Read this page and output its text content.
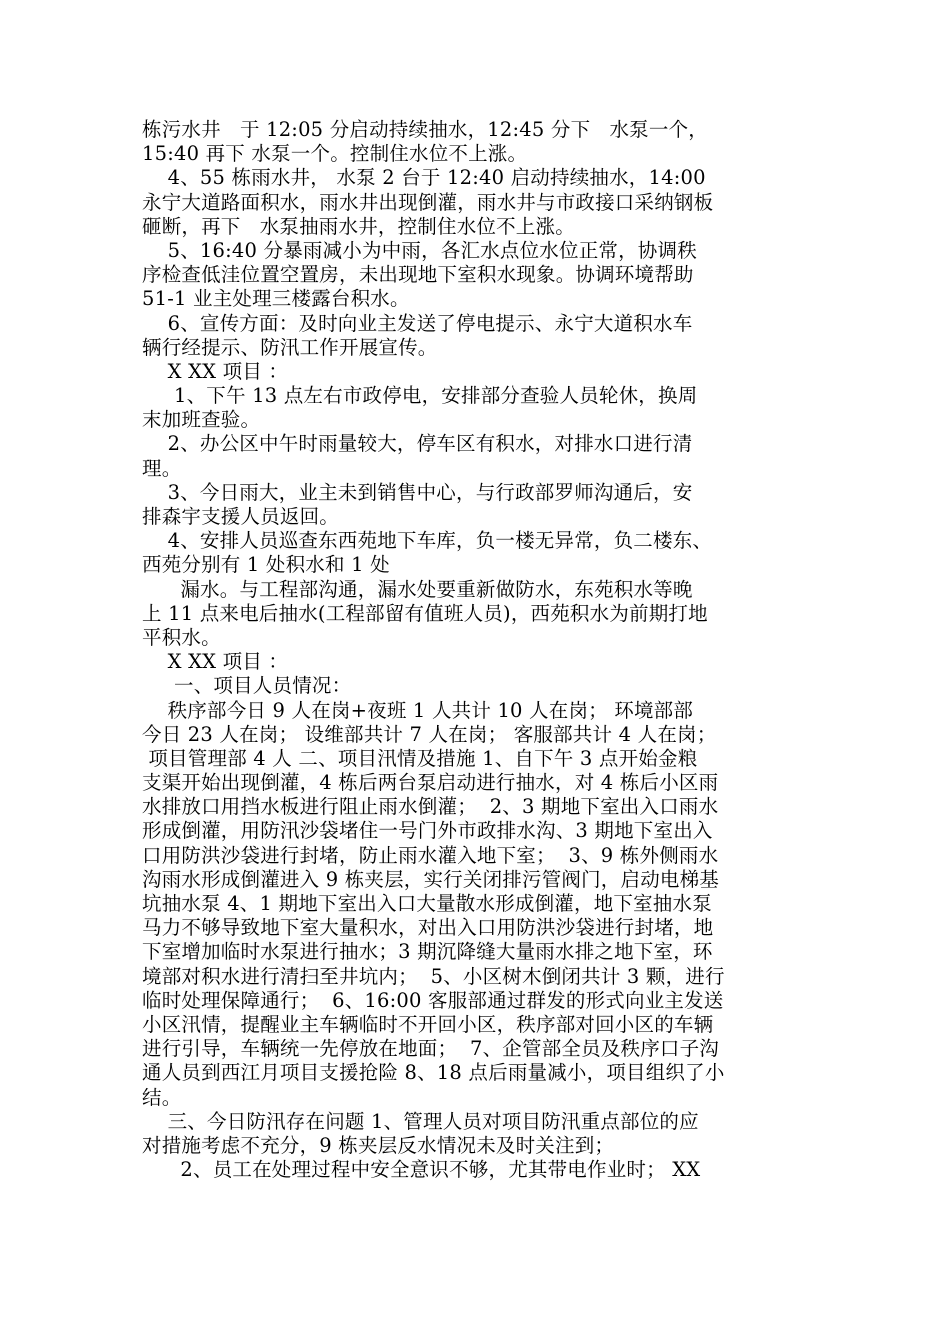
栋污水井   于 12:05 分启动持续抽水，12:45 分下   水泵一个，
15:40 再下 水泵一个。控制住水位不上涨。
4、55 栋雨水井， 水泵 2 台于 12:40 启动持续抽水，14:00
永宁大道路面积水，雨水井出现倒灌，雨水井与市政接口采纳钢板
砸断，再下   水泵抽雨水井，控制住水位不上涨。
5、16:40 分暴雨减小为中雨，各汇水点位水位正常，协调秩
序检查低洼位置空置房，未出现地下室积水现象。协调环境帮助
51-1 业主处理三楼露台积水。
6、宣传方面：及时向业主发送了停电提示、永宁大道积水车
辆行经提示、防汛工作开展宣传。
X XX 项目 ：
1、下午 13 点左右市政停电，安排部分查验人员轮休，换周
末加班查验。
2、办公区中午时雨量较大，停车区有积水，对排水口进行清
理。
3、今日雨大，业主未到销售中心，与行政部罗师沟通后，安
排森宇支援人员返回。
4、安排人员巡查东西苑地下车库，负一楼无异常，负二楼东、
西苑分别有 1 处积水和 1 处
漏水。与工程部沟通，漏水处要重新做防水，东苑积水等晚
上 11 点来电后抽水(工程部留有值班人员)，西苑积水为前期打地
平积水。
X XX 项目 ：
一、项目人员情况：
秩序部今日 9 人在岗+夜班 1 人共计 10 人在岗； 环境部部
今日 23 人在岗； 设维部共计 7 人在岗； 客服部共计 4 人在岗；
项目管理部 4 人 二、项目汛情及措施 1、自下午 3 点开始金粮
支渠开始出现倒灌，4 栋后两台泵启动进行抽水，对 4 栋后小区雨
水排放口用挡水板进行阻止雨水倒灌；  2、3 期地下室出入口雨水
形成倒灌，用防汛沙袋堵住一号门外市政排水沟、3 期地下室出入
口用防洪沙袋进行封堵，防止雨水灌入地下室；  3、9 栋外侧雨水
沟雨水形成倒灌进入 9 栋夹层，实行关闭排污管阀门，启动电梯基
坑抽水泵 4、1 期地下室出入口大量散水形成倒灌，地下室抽水泵
马力不够导致地下室大量积水，对出入口用防洪沙袋进行封堵，地
下室增加临时水泵进行抽水；3 期沉降缝大量雨水排之地下室，环
境部对积水进行清扫至井坑内；  5、小区树木倒闭共计 3 颗，进行
临时处理保障通行；  6、16:00 客服部通过群发的形式向业主发送
小区汛情，提醒业主车辆临时不开回小区，秩序部对回小区的车辆
进行引导，车辆统一先停放在地面；  7、企管部全员及秩序口子沟
通人员到西江月项目支援抢险 8、18 点后雨量减小，项目组织了小
结。
三、今日防汛存在问题 1、管理人员对项目防汛重点部位的应
对措施考虑不充分，9 栋夹层反水情况未及时关注到；
2、员工在处理过程中安全意识不够，尤其带电作业时； XX
